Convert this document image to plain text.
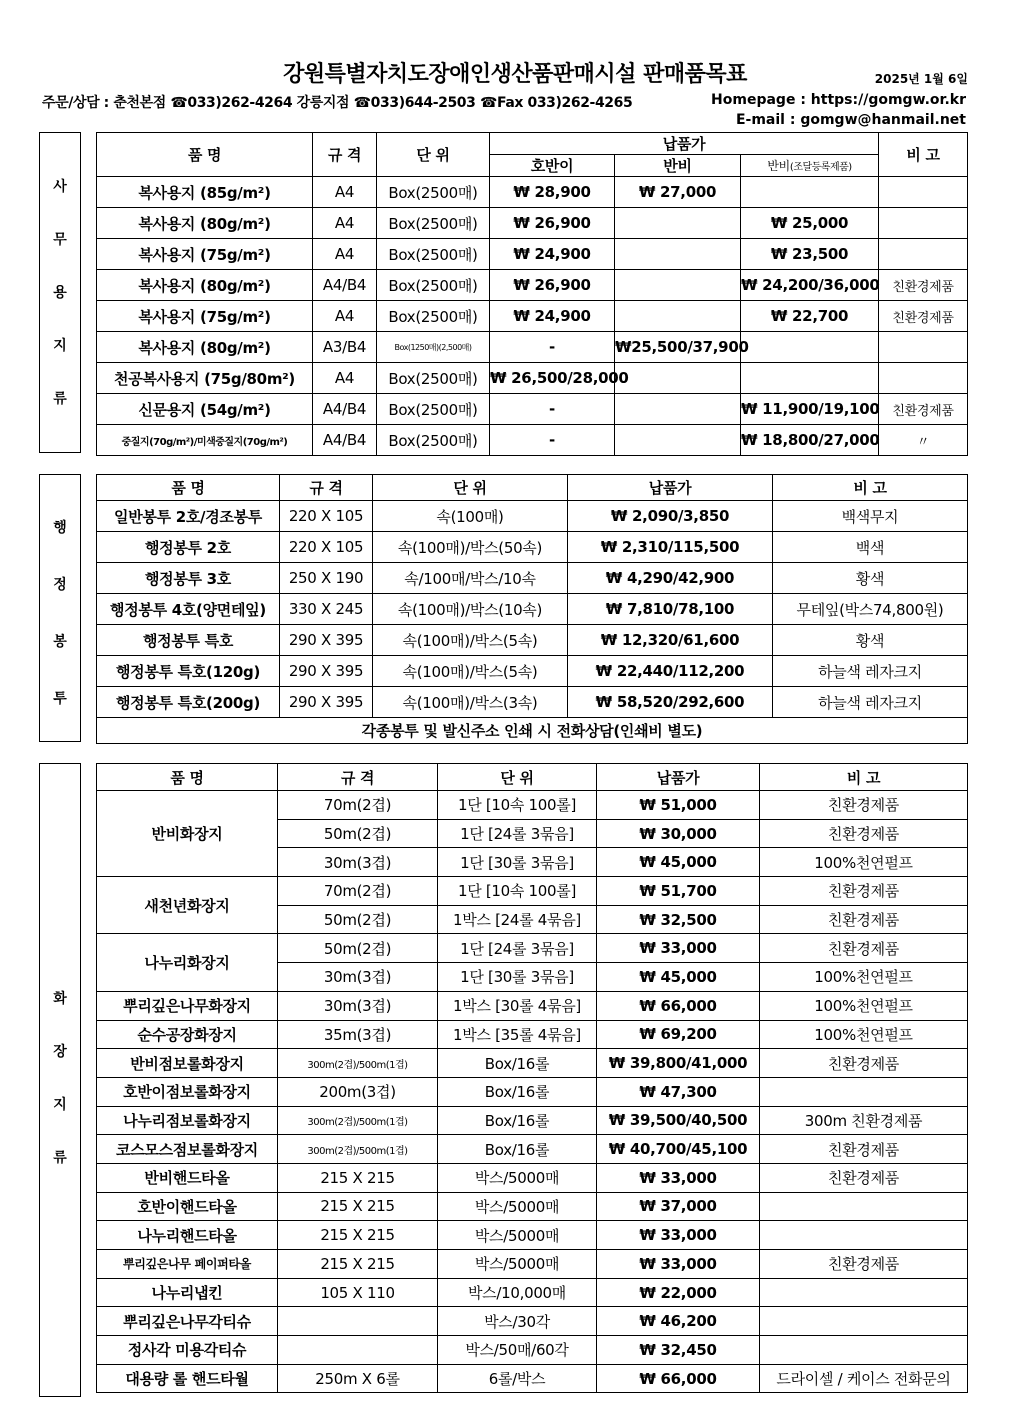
강원특별자치도장애인생산품판매시설 판매품목표	2025년 1월 6일
주문/상담 : 춘천본점 ☎033)262-4264 강릉지점 ☎033)644-2503 ☎Fax 033)262-4265	Homepage : https://gomgw.or.kr
E-mail : gomgw@hanmail.net
사
무
용
지
류
품 명	규 격	단 위	납품가			비 고
			호반이	반비	반비(조달등록제품)	
복사용지 (85g/m²)	A4	Box(2500매)	₩ 28,900	₩ 27,000		
복사용지 (80g/m²)	A4	Box(2500매)	₩ 26,900		₩ 25,000	
복사용지 (75g/m²)	A4	Box(2500매)	₩ 24,900		₩ 23,500	
복사용지 (80g/m²)	A4/B4	Box(2500매)	₩ 26,900		₩ 24,200/36,000	친환경제품
복사용지 (75g/m²)	A4	Box(2500매)	₩ 24,900		₩ 22,700	친환경제품
복사용지 (80g/m²)	A3/B4	Box(1250매)(2,500매)	-	₩25,500/37,900		
천공복사용지 (75g/80m²)	A4	Box(2500매)	₩ 26,500/28,000			
신문용지 (54g/m²)	A4/B4	Box(2500매)	-		₩ 11,900/19,100	친환경제품
중질지(70g/m²)/미색중질지(70g/m²)	A4/B4	Box(2500매)	-		₩ 18,800/27,000	〃
행
정
봉
투
품 명	규 격	단 위	납품가	비 고
일반봉투 2호/경조봉투	220 X 105	속(100매)	₩ 2,090/3,850	백색무지
행정봉투 2호	220 X 105	속(100매)/박스(50속)	₩ 2,310/115,500	백색
행정봉투 3호	250 X 190	속/100매/박스/10속	₩ 4,290/42,900	황색
행정봉투 4호(양면테잎)	330 X 245	속(100매)/박스(10속)	₩ 7,810/78,100	무테잎(박스74,800원)
행정봉투 특호	290 X 395	속(100매)/박스(5속)	₩ 12,320/61,600	황색
행정봉투 특호(120g)	290 X 395	속(100매)/박스(5속)	₩ 22,440/112,200	하늘색 레자크지
행정봉투 특호(200g)	290 X 395	속(100매)/박스(3속)	₩ 58,520/292,600	하늘색 레자크지
각종봉투 및 발신주소 인쇄 시 전화상담(인쇄비 별도)				
화
장
지
류
품 명	규 격	단 위	납품가	비 고
반비화장지	70m(2겹)	1단 [10속 100롤]	₩ 51,000	친환경제품
	50m(2겹)	1단 [24롤 3묶음]	₩ 30,000	친환경제품
	30m(3겹)	1단 [30롤 3묶음]	₩ 45,000	100%천연펄프
새천년화장지	70m(2겹)	1단 [10속 100롤]	₩ 51,700	친환경제품
	50m(2겹)	1박스 [24롤 4묶음]	₩ 32,500	친환경제품
나누리화장지	50m(2겹)	1단 [24롤 3묶음]	₩ 33,000	친환경제품
	30m(3겹)	1단 [30롤 3묶음]	₩ 45,000	100%천연펄프
뿌리깊은나무화장지	30m(3겹)	1박스 [30롤 4묶음]	₩ 66,000	100%천연펄프
순수공장화장지	35m(3겹)	1박스 [35롤 4묶음]	₩ 69,200	100%천연펄프
반비점보롤화장지	300m(2겹)/500m(1겹)	Box/16롤	₩ 39,800/41,000	친환경제품
호반이점보롤화장지	200m(3겹)	Box/16롤	₩ 47,300	
나누리점보롤화장지	300m(2겹)/500m(1겹)	Box/16롤	₩ 39,500/40,500	300m 친환경제품
코스모스점보롤화장지	300m(2겹)/500m(1겹)	Box/16롤	₩ 40,700/45,100	친환경제품
반비핸드타올	215 X 215	박스/5000매	₩ 33,000	친환경제품
호반이핸드타올	215 X 215	박스/5000매	₩ 37,000	
나누리핸드타올	215 X 215	박스/5000매	₩ 33,000	
뿌리깊은나무 페이퍼타올	215 X 215	박스/5000매	₩ 33,000	친환경제품
나누리냅킨	105 X 110	박스/10,000매	₩ 22,000	
뿌리깊은나무각티슈		박스/30각	₩ 46,200	
정사각 미용각티슈		박스/50매/60각	₩ 32,450	
대용량 롤 핸드타월	250m X 6롤	6롤/박스	₩ 66,000	드라이셀 / 케이스 전화문의
